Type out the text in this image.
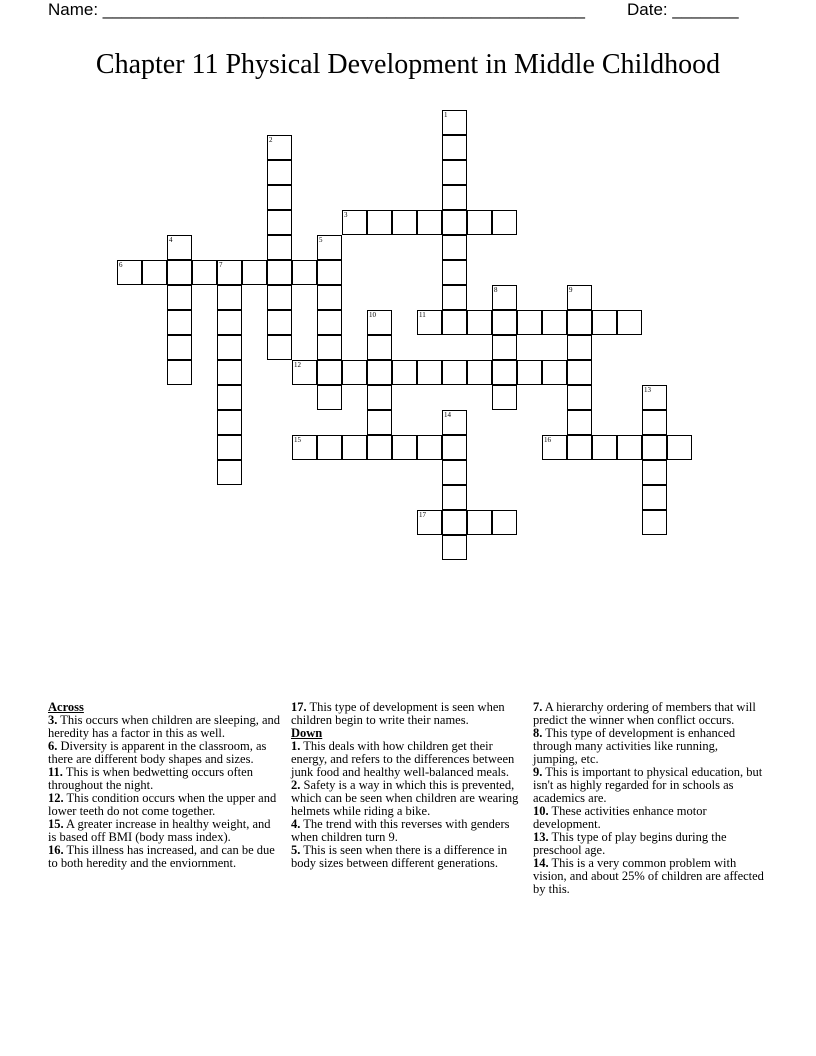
Name: ___________________________________________________ Date: _______
Chapter 11 Physical Development in Middle Childhood
1
2
3
4	5
6	7
8	9
10	11
12
13
14
15	16
17
Across
3. This occurs when children are sleeping, and heredity has a factor in this as well.
6. Diversity is apparent in the classroom, as there are different body shapes and sizes.
11. This is when bedwetting occurs often throughout the night.
12. This condition occurs when the upper and lower teeth do not come together.
15. A greater increase in healthy weight, and is based off BMI (body mass index).
16. This illness has increased, and can be due to both heredity and the enviornment.
17. This type of development is seen when children begin to write their names.
Down
1. This deals with how children get their energy, and refers to the differences between junk food and healthy well-balanced meals.
2. Safety is a way in which this is prevented, which can be seen when children are wearing helmets while riding a bike.
4. The trend with this reverses with genders when children turn 9.
5. This is seen when there is a difference in body sizes between different generations.
7. A hierarchy ordering of members that will predict the winner when conflict occurs.
8. This type of development is enhanced through many activities like running, jumping, etc.
9. This is important to physical education, but isn't as highly regarded for in schools as academics are.
10. These activities enhance motor development.
13. This type of play begins during the preschool age.
14. This is a very common problem with vision, and about 25% of children are affected by this.
